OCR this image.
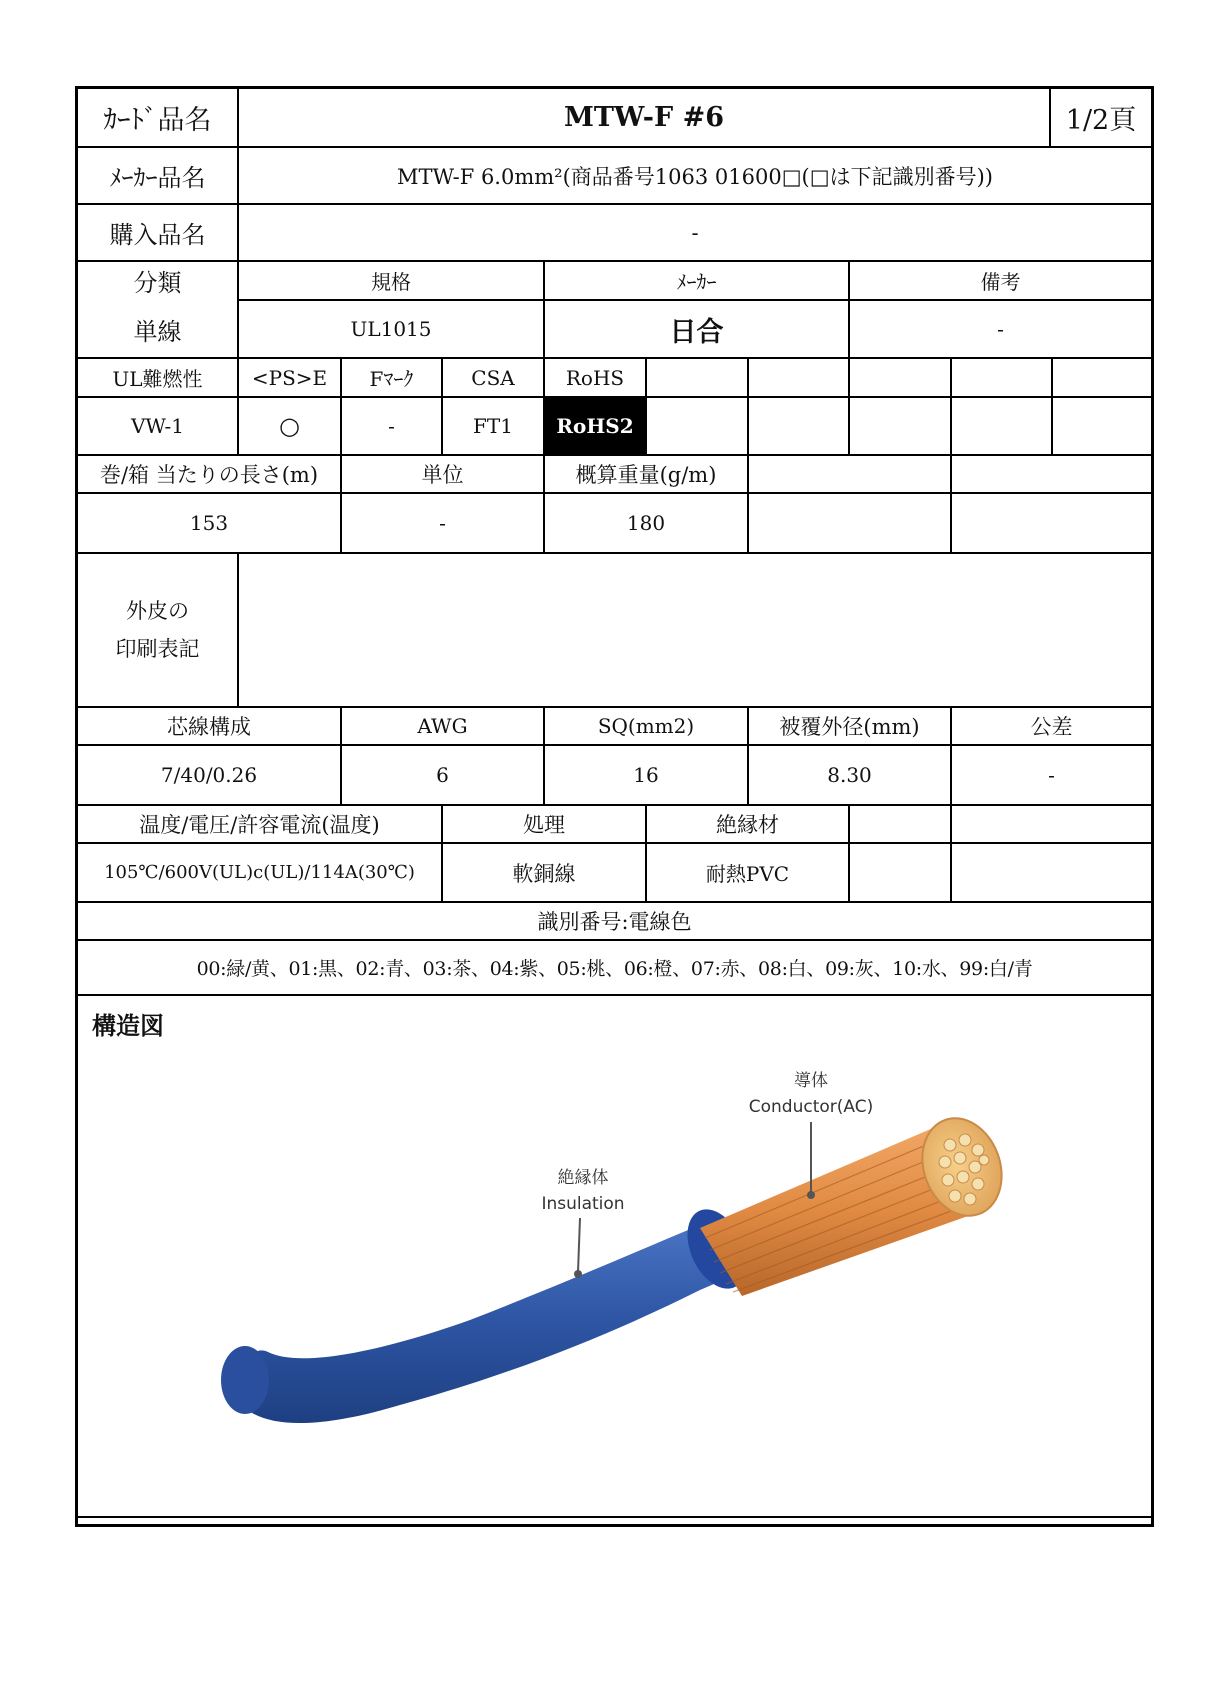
ｶｰﾄﾞ品名	MTW-F #6	1/2頁
ﾒｰｶｰ品名	MTW-F 6.0mm²(商品番号1063 01600□(□は下記識別番号))
購入品名	-
分類	規格	ﾒｰｶｰ	備考
単線	UL1015	日合	-
UL難燃性	<PS>E	Fﾏｰｸ	CSA	RoHS
VW-1	○	-	FT1	RoHS2
巻/箱 当たりの長さ(m)	単位	概算重量(g/m)
153	-	180
外皮の
印刷表記
芯線構成	AWG	SQ(mm2)	被覆外径(mm)	公差
7/40/0.26	6	16	8.30	-
温度/電圧/許容電流(温度)	処理	絶縁材
105℃/600V(UL)c(UL)/114A(30℃)	軟銅線	耐熱PVC
識別番号:電線色
00:緑/黄、01:黒、02:青、03:茶、04:紫、05:桃、06:橙、07:赤、08:白、09:灰、10:水、99:白/青
構造図
導体
Conductor(AC)
絶縁体
Insulation
